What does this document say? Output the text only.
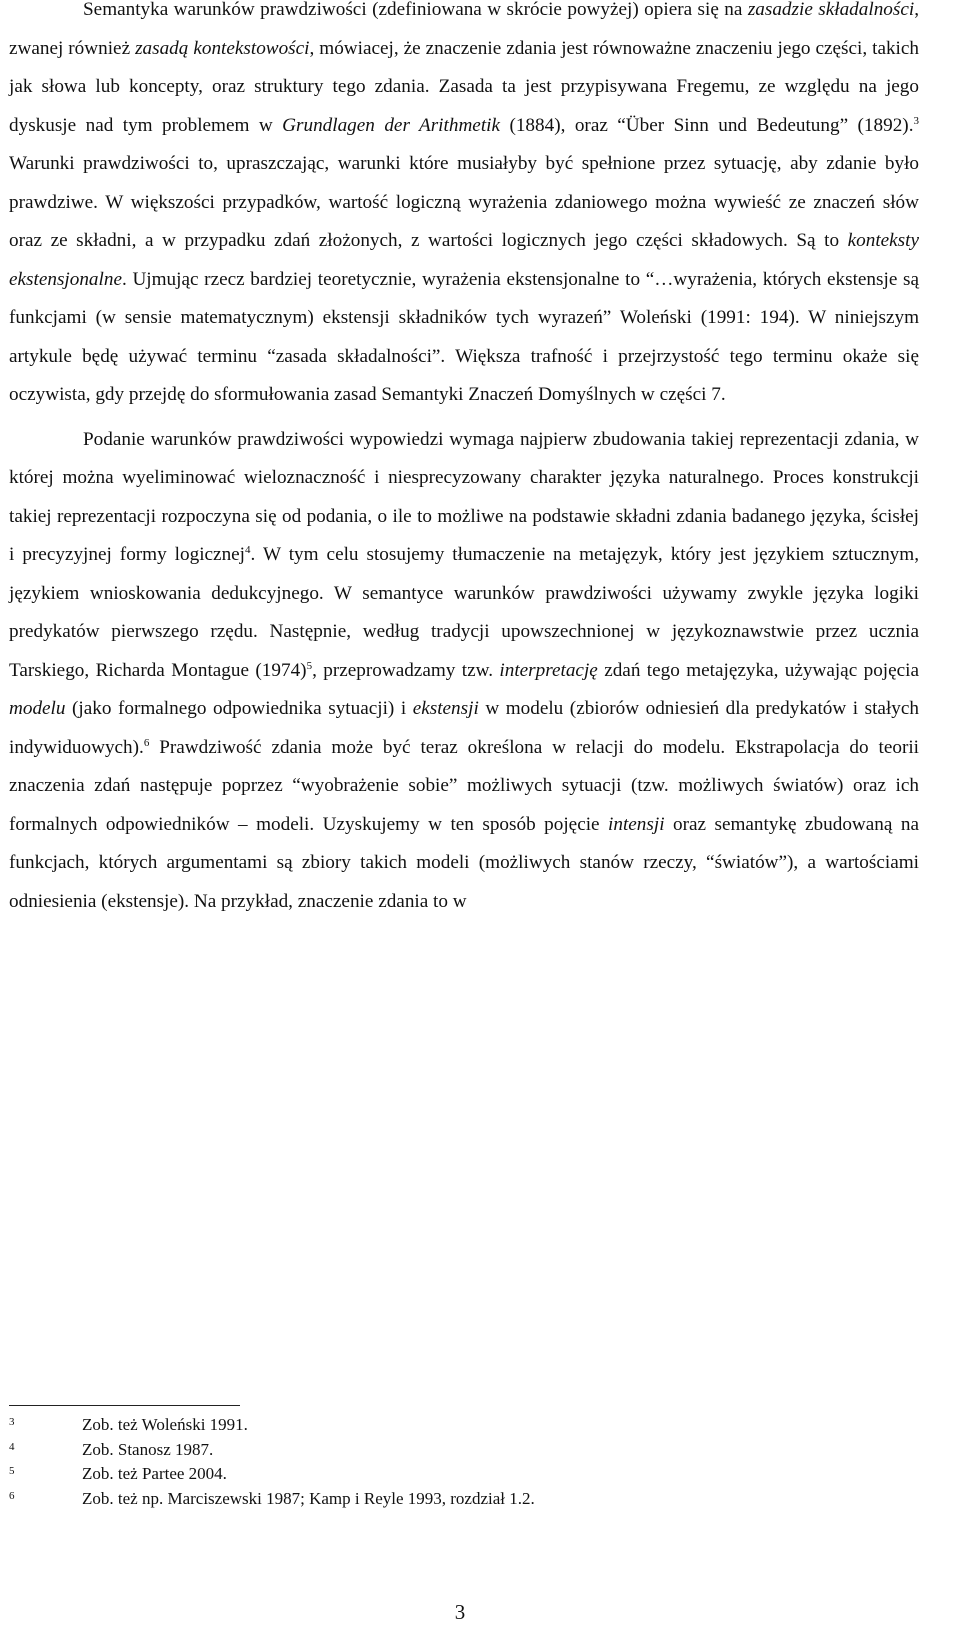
Semantyka warunków prawdziwości (zdefiniowana w skrócie powyżej) opiera się na zasadzie składalności, zwanej również zasadą kontekstowości, mówiacej, że znaczenie zdania jest równoważne znaczeniu jego części, takich jak słowa lub koncepty, oraz struktury tego zdania. Zasada ta jest przypisywana Fregemu, ze względu na jego dyskusje nad tym problemem w Grundlagen der Arithmetik (1884), oraz “Über Sinn und Bedeutung” (1892).$^3$ Warunki prawdziwości to, upraszczając, warunki które musiałyby być spełnione przez sytuację, aby zdanie było prawdziwe. W większości przypadków, wartość logiczną wyrażenia zdaniowego można wywieść ze znaczeń słów oraz ze składni, a w przypadku zdań złożonych, z wartości logicznych jego części składowych. Są to konteksty ekstensjonalne. Ujmując rzecz bardziej teoretycznie, wyrażenia ekstensjonalne to “…wyrażenia, których ekstensje są funkcjami (w sensie matematycznym) ekstensji składników tych wyrazeń” Woleński (1991: 194). W niniejszym artykule będę używać terminu “zasada składalności”. Większa trafność i przejrzystość tego terminu okaże się oczywista, gdy przejdę do sformułowania zasad Semantyki Znaczeń Domyślnych w części 7.

Podanie warunków prawdziwości wypowiedzi wymaga najpierw zbudowania takiej reprezentacji zdania, w której można wyeliminować wieloznaczność i niesprecyzowany charakter języka naturalnego. Proces konstrukcji takiej reprezentacji rozpoczyna się od podania, o ile to możliwe na podstawie składni zdania badanego języka, ścisłej i precyzyjnej formy logicznej$^4$. W tym celu stosujemy tłumaczenie na metajęzyk, który jest językiem sztucznym, językiem wnioskowania dedukcyjnego. W semantyce warunków prawdziwości używamy zwykle języka logiki predykatów pierwszego rzędu. Następnie, według tradycji upowszechnionej w językoznawstwie przez ucznia Tarskiego, Richarda Montague $(1974)^5$, przeprowadzamy tzw. interpretację zdań tego metajęzyka, używając pojęcia modelu (jako formalnego odpowiednika sytuacji) i ekstensji w modelu (zbiorów odniesień dla predykatów i stałych indywiduowych).$^6$ Prawdziwość zdania może być teraz określona w relacji do modelu. Ekstrapolacja do teorii znaczenia zdań następuje poprzez “wyobrażenie sobie” możliwych sytuacji (tzw. możliwych światów) oraz ich formalnych odpowiedników – modeli. Uzyskujemy w ten sposób pojęcie intensji oraz semantykę zbudowaną na funkcjach, których argumentami są zbiory takich modeli (możliwych stanów rzeczy, “światów”), a wartościami odniesienia (ekstensje). Na przykład, znaczenie zdania to w

3	Zob. też Woleński 1991.
4	Zob. Stanosz 1987.
5	Zob. też Partee 2004.
6	Zob. też np. Marciszewski 1987; Kamp i Reyle 1993, rozdział 1.2.
3
